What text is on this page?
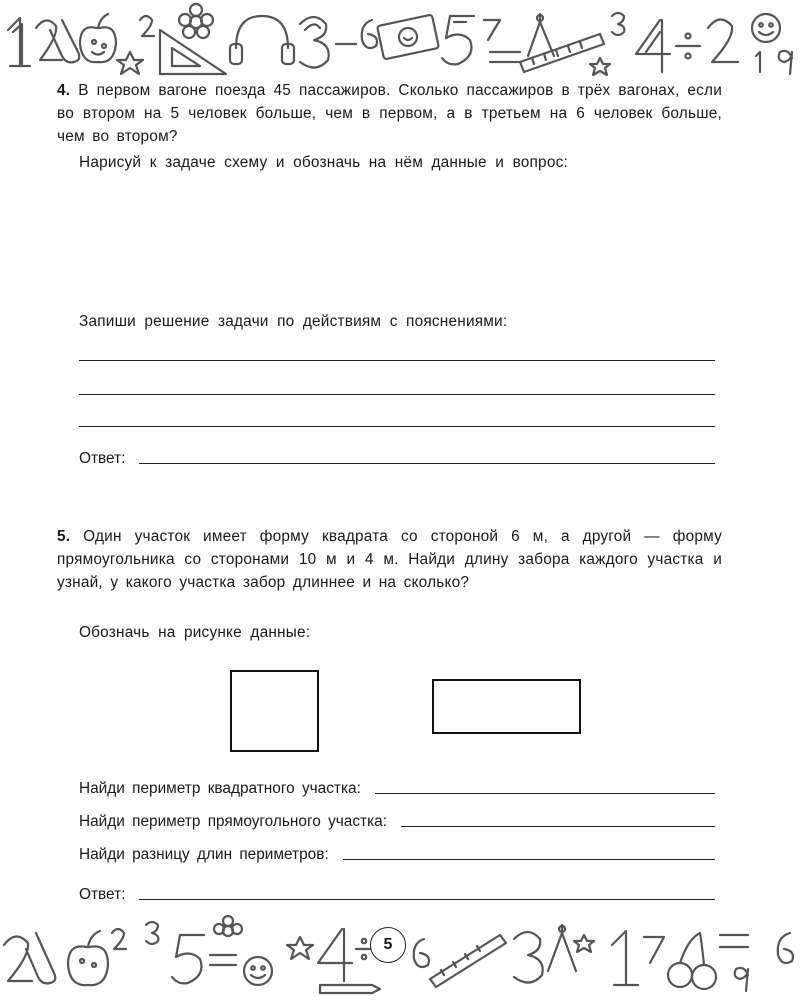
4. В первом вагоне поезда 45 пассажиров. Сколько пассажиров в трёх вагонах, если во втором на 5 человек больше, чем в первом, а в третьем на 6 человек больше, чем во втором?
Нарисуй к задаче схему и обозначь на нём данные и вопрос:
Запиши решение задачи по действиям с пояснениями:
Ответ:
5. Один участок имеет форму квадрата со стороной 6 м, а другой — форму прямоугольника со сторонами 10 м и 4 м. Найди длину забора каждого участка и узнай, у какого участка забор длиннее и на сколько?
Обозначь на рисунке данные:
Найди периметр квадратного участка:
Найди периметр прямоугольного участка:
Найди разницу длин периметров:
Ответ:
5
